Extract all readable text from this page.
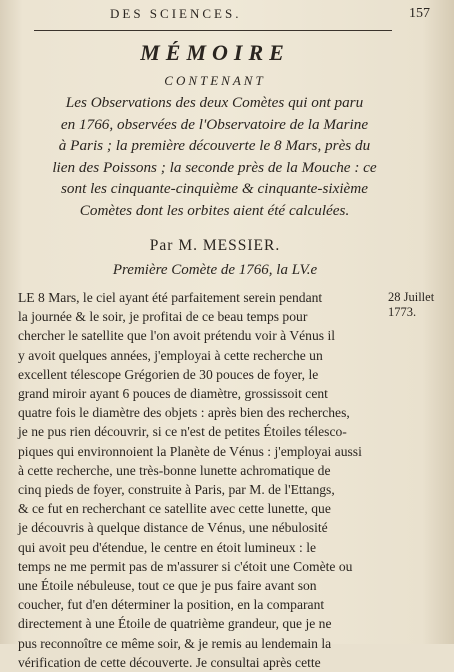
DES SCIENCES.	157
MÉMOIRE
CONTENANT
Les Observations des deux Comètes qui ont paru
en 1766, observées de l'Observatoire de la Marine
à Paris ; la première découverte le 8 Mars, près du
lien des Poissons ; la seconde près de la Mouche : ce
sont les cinquante-cinquième & cinquante-sixième
Comètes dont les orbites aient été calculées.
Par M. MESSIER.
Première Comète de 1766, la LV.e
28 Juillet
1773.
LE 8 Mars, le ciel ayant été parfaitement serein pendant
la journée & le soir, je profitai de ce beau temps pour
chercher le satellite que l'on avoit prétendu voir à Vénus il
y avoit quelques années, j'employai à cette recherche un
excellent télescope Grégorien de 30 pouces de foyer, le
grand miroir ayant 6 pouces de diamètre, grossissoit cent
quatre fois le diamètre des objets : après bien des recherches,
je ne pus rien découvrir, si ce n'est de petites Étoiles télesco-
piques qui environnoient la Planète de Vénus : j'employai aussi
à cette recherche, une très-bonne lunette achromatique de
cinq pieds de foyer, construite à Paris, par M. de l'Ettangs,
& ce fut en recherchant ce satellite avec cette lunette, que
je découvris à quelque distance de Vénus, une nébulosité
qui avoit peu d'étendue, le centre en étoit lumineux : le
temps ne me permit pas de m'assurer si c'étoit une Comète ou
une Étoile nébuleuse, tout ce que je pus faire avant son
coucher, fut d'en déterminer la position, en la comparant
directement à une Étoile de quatrième grandeur, que je ne
pus reconnoître ce même soir, & je remis au lendemain la
vérification de cette découverte. Je consultai après cette
